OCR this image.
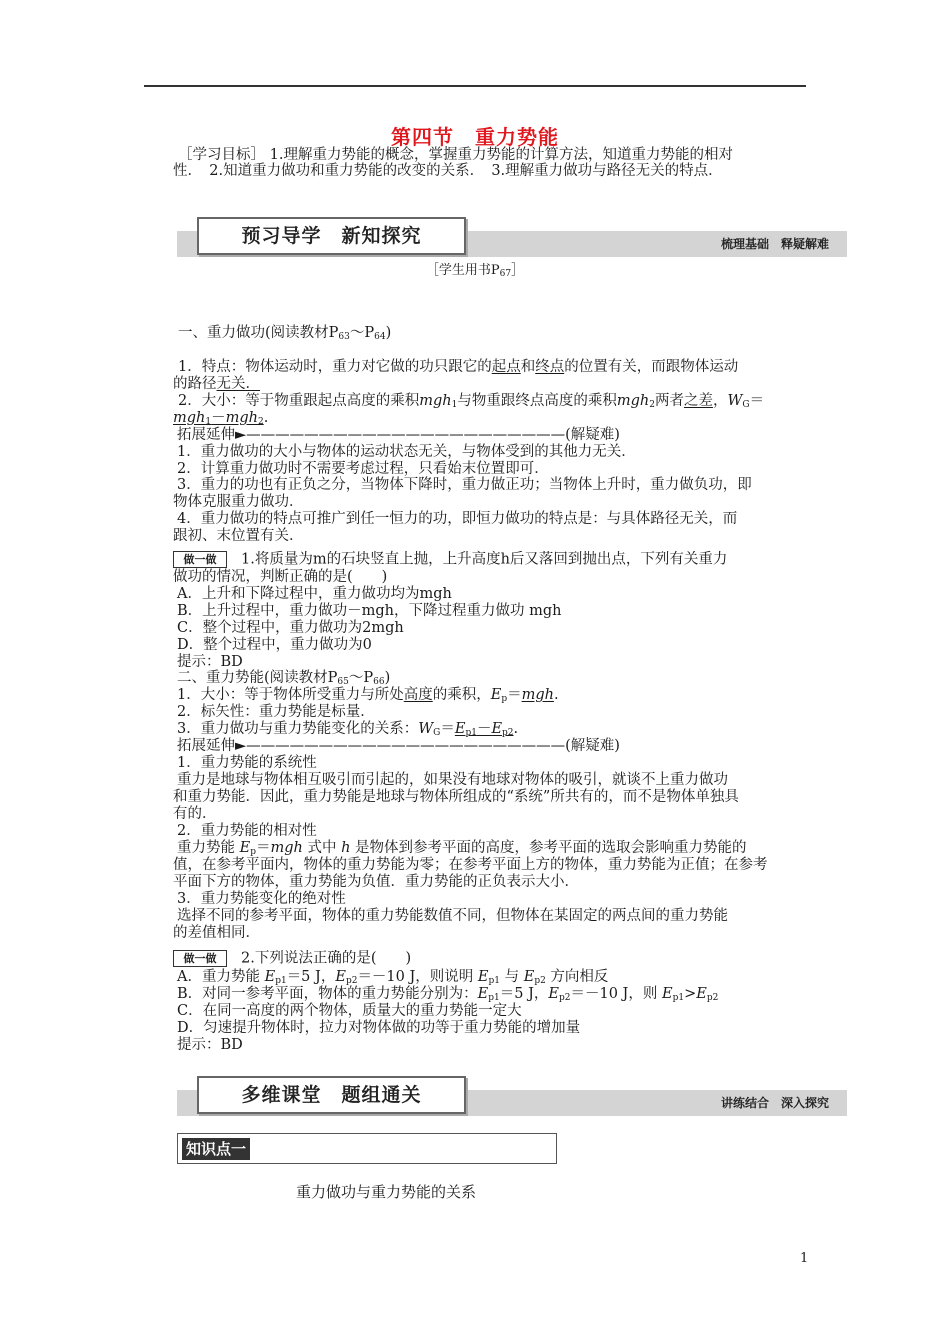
第四节　重力势能
［学习目标］ 1.理解重力势能的概念，掌握重力势能的计算方法，知道重力势能的相对
性．　2.知道重力做功和重力势能的改变的关系．　3.理解重力做功与路径无关的特点．
预习导学　新知探究	梳理基础　释疑解难
［学生用书$P_{67}]$
一、重力做功(阅读教材$P_{63}\sim P_{64}$)
1．特点：物体运动时，重力对它做的功只跟它的起点和终点的位置有关，而跟物体运动
的路径无关．
2．大小：等于物重跟起点高度的乘积mgh$_1$与物重跟终点高度的乘积mgh$_2$两者之差，$W_G=$
mgh$_1$－mgh$_2$.
拓展延伸►——————————————————————(解疑难)
1．重力做功的大小与物体的运动状态无关，与物体受到的其他力无关．
2．计算重力做功时不需要考虑过程，只看始末位置即可．
3．重力的功也有正负之分，当物体下降时，重力做正功；当物体上升时，重力做负功，即
物体克服重力做功．
4．重力做功的特点可推广到任一恒力的功，即恒力做功的特点是：与具体路径无关，而
跟初、末位置有关．
做一做 1.将质量为m的石块竖直上抛，上升高度h后又落回到抛出点，下列有关重力
做功的情况，判断正确的是(　　)
A．上升和下降过程中，重力做功均为mgh
B．上升过程中，重力做功－mgh，下降过程重力做功 mgh
C．整个过程中，重力做功为2mgh
D．整个过程中，重力做功为0
提示：BD
二、重力势能(阅读教材$P_{65}\sim P_{66}$)
1．大小：等于物体所受重力与所处高度的乘积，$E_p=mgh$.
2．标矢性：重力势能是标量．
3．重力做功与重力势能变化的关系：$W_G=E_{p1}-E_{p2}$.
拓展延伸►——————————————————————(解疑难)
1．重力势能的系统性
重力是地球与物体相互吸引而引起的，如果没有地球对物体的吸引，就谈不上重力做功
和重力势能．因此，重力势能是地球与物体所组成的“系统”所共有的，而不是物体单独具
有的．
2．重力势能的相对性
重力势能 $E_p=mgh$ 式中 h 是物体到参考平面的高度，参考平面的选取会影响重力势能的
值，在参考平面内，物体的重力势能为零；在参考平面上方的物体，重力势能为正值；在参考
平面下方的物体，重力势能为负值．重力势能的正负表示大小．
3．重力势能变化的绝对性
选择不同的参考平面，物体的重力势能数值不同，但物体在某固定的两点间的重力势能
的差值相同．
做一做 2.下列说法正确的是(　　)
A．重力势能 $E_{p1}=5$ J，$E_{p2}=-10$ J，则说明 $E_{p1}$ 与 $E_{p2}$ 方向相反
B．对同一参考平面，物体的重力势能分别为：$E_{p1}=5$ J，$E_{p2}=-10$ J，则 $E_{p1}>E_{p2}$
C．在同一高度的两个物体，质量大的重力势能一定大
D．匀速提升物体时，拉力对物体做的功等于重力势能的增加量
提示：BD
多维课堂　题组通关	讲练结合　深入探究
知识点一
重力做功与重力势能的关系
1
